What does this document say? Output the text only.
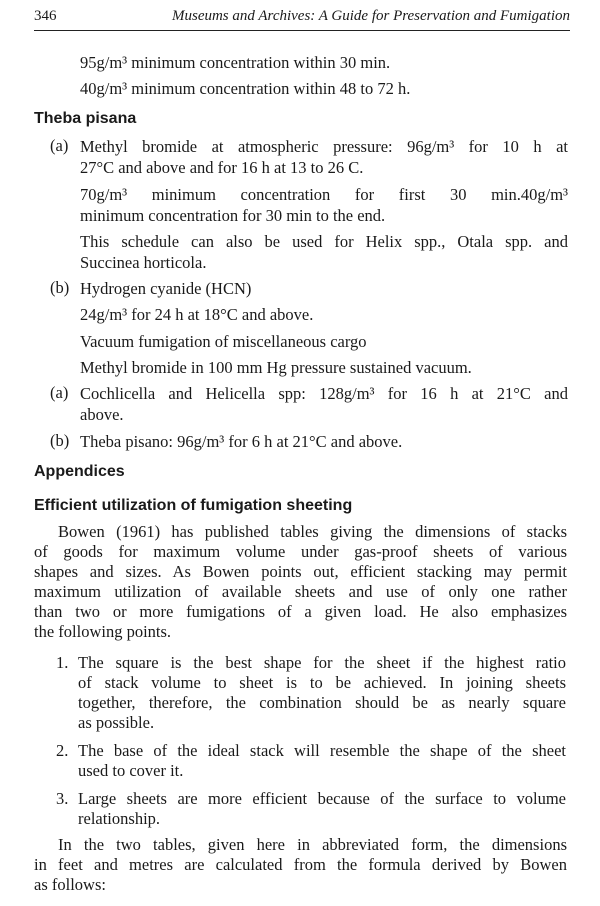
346	Museums and Archives: A Guide for Preservation and Fumigation
95g/m³ minimum concentration within 30 min.
40g/m³ minimum concentration within 48 to 72 h.
Theba pisana
(a) Methyl bromide at atmospheric pressure: 96g/m³ for 10 h at
27°C and above and for 16 h at 13 to 26 C.
70g/m³ minimum concentration for first 30 min.40g/m³
minimum concentration for 30 min to the end.
This schedule can also be used for Helix spp., Otala spp. and
Succinea horticola.
(b) Hydrogen cyanide (HCN)
24g/m³ for 24 h at 18°C and above.
Vacuum fumigation of miscellaneous cargo
Methyl bromide in 100 mm Hg pressure sustained vacuum.
(a) Cochlicella and Helicella spp: 128g/m³ for 16 h at 21°C and
above.
(b) Theba pisano: 96g/m³ for 6 h at 21°C and above.
Appendices
Efficient utilization of fumigation sheeting
Bowen (1961) has published tables giving the dimensions of stacks
of goods for maximum volume under gas-proof sheets of various
shapes and sizes. As Bowen points out, efficient stacking may permit
maximum utilization of available sheets and use of only one rather
than two or more fumigations of a given load. He also emphasizes
the following points.
1. The square is the best shape for the sheet if the highest ratio
of stack volume to sheet is to be achieved. In joining sheets
together, therefore, the combination should be as nearly square
as possible.
2. The base of the ideal stack will resemble the shape of the sheet
used to cover it.
3. Large sheets are more efficient because of the surface to volume
relationship.
In the two tables, given here in abbreviated form, the dimensions
in feet and metres are calculated from the formula derived by Bowen
as follows:
